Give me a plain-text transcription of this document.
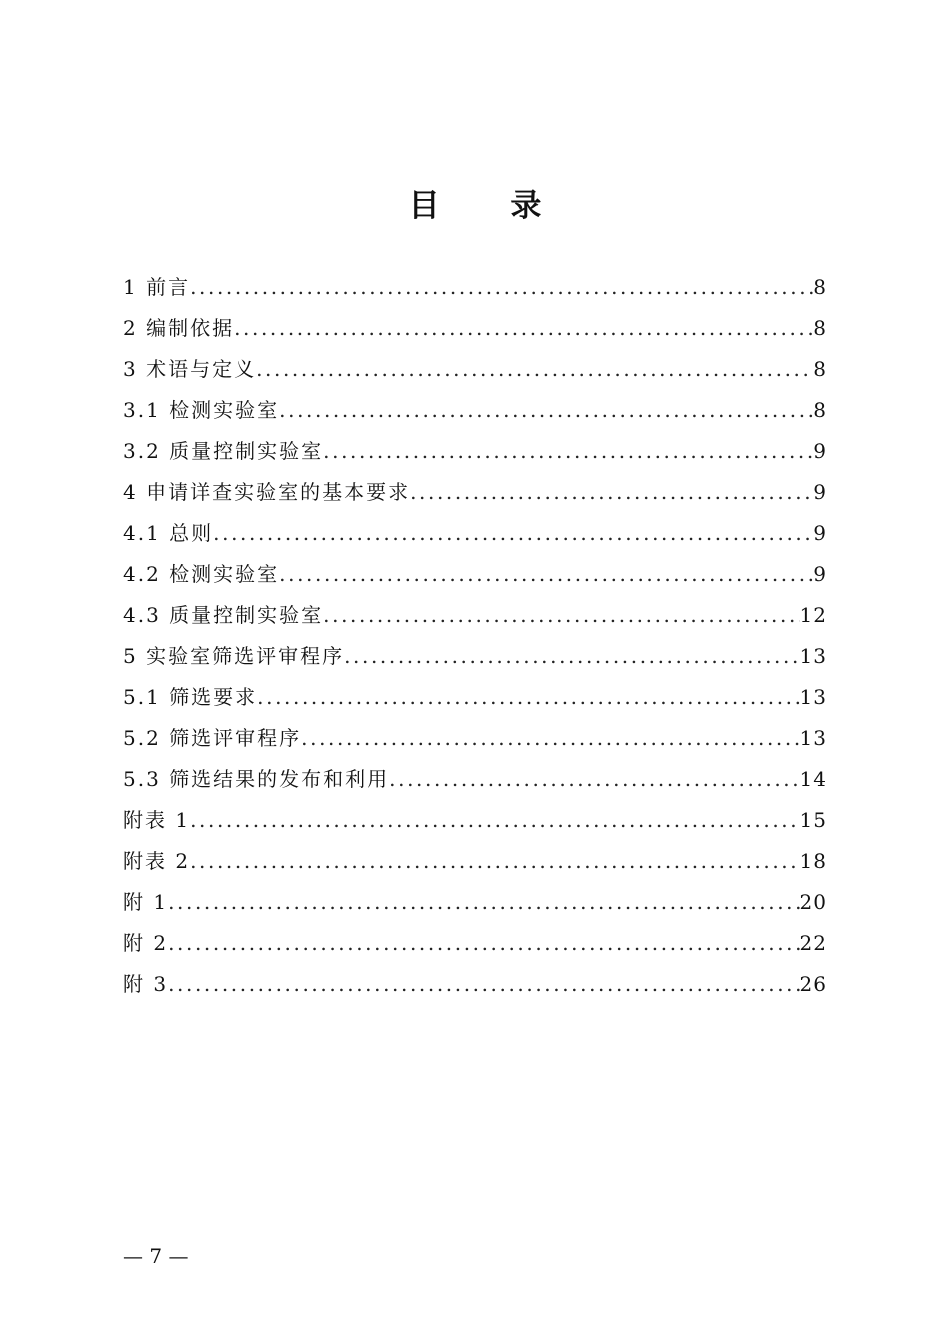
目 录
1 前言 .....	8
2 编制依据 .....	8
3 术语与定义 .....	8
3.1 检测实验室 .....	8
3.2 质量控制实验室 .....	9
4 申请详查实验室的基本要求 .....	9
4.1 总则 .....	9
4.2 检测实验室 .....	9
4.3 质量控制实验室 .....	12
5 实验室筛选评审程序 .....	13
5.1 筛选要求 .....	13
5.2 筛选评审程序 .....	13
5.3 筛选结果的发布和利用 .....	14
附表 1 .....	15
附表 2 .....	18
附 1 .....	20
附 2 .....	22
附 3 .....	26
— 7 —
